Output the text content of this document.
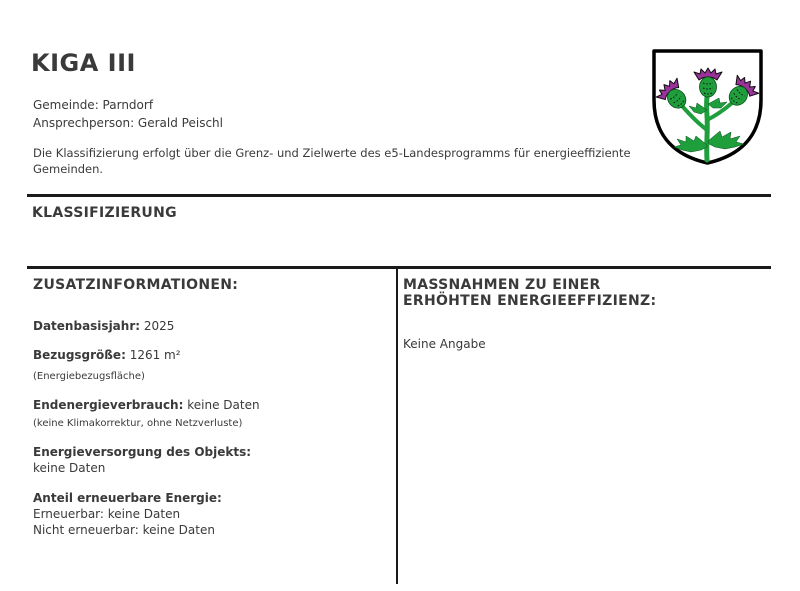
KIGA III
Gemeinde: Parndorf
Ansprechperson: Gerald Peischl

Die Klassifizierung erfolgt über die Grenz- und Zielwerte des e5-Landesprogramms für energieeffiziente Gemeinden.

KLASSIFIZIERUNG
ZUSATZINFORMATIONEN:
Datenbasisjahr: 2025
Bezugsgröße: 1261 m²
(Energiebezugsfläche)
Endenergieverbrauch: keine Daten
(keine Klimakorrektur, ohne Netzverluste)
Energieversorgung des Objekts:
keine Daten
Anteil erneuerbare Energie:
Erneuerbar: keine Daten
Nicht erneuerbar: keine Daten
MASSNAHMEN ZU EINER
ERHÖHTEN ENERGIEEFFIZIENZ:
Keine Angabe
